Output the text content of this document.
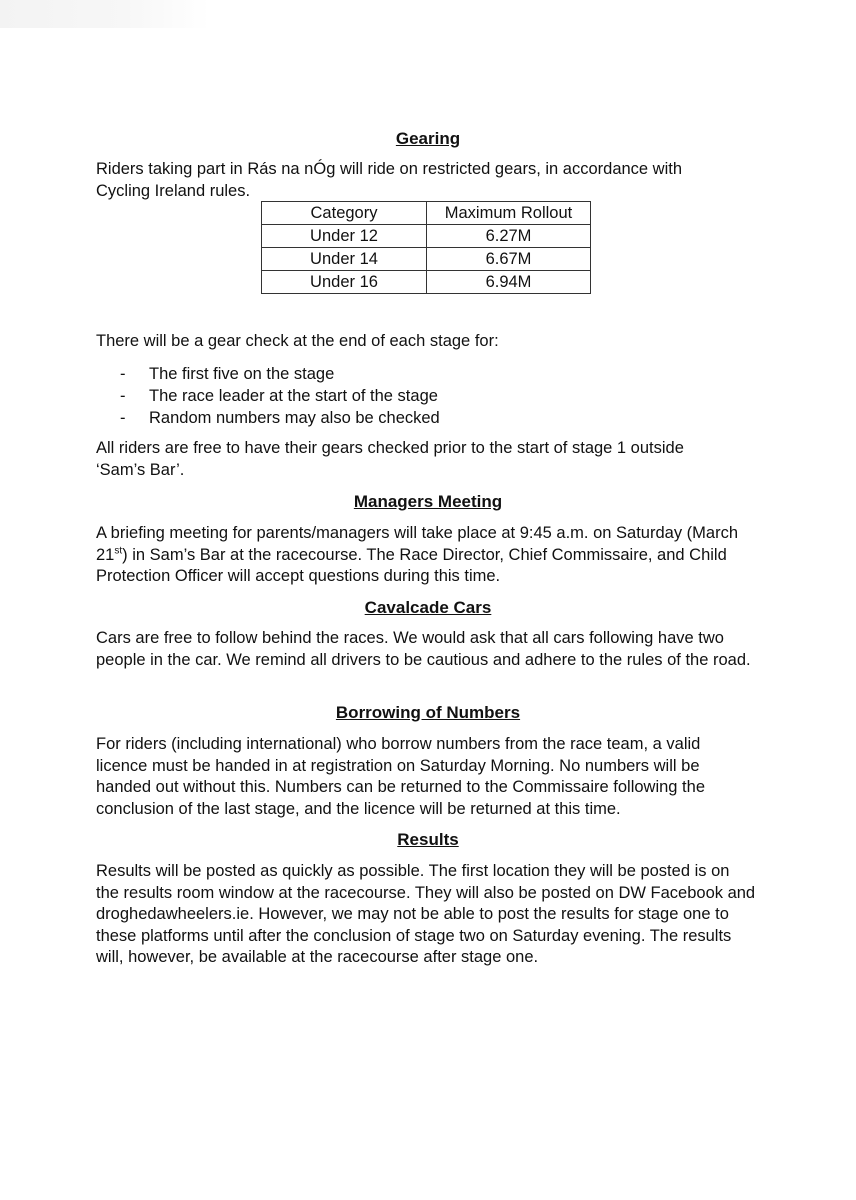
Gearing

Riders taking part in Rás na nÓg will ride on restricted gears, in accordance with Cycling Ireland rules.

Category	Maximum Rollout
Under 12	6.27M
Under 14	6.67M
Under 16	6.94M

There will be a gear check at the end of each stage for:

- The first five on the stage
- The race leader at the start of the stage
- Random numbers may also be checked

All riders are free to have their gears checked prior to the start of stage 1 outside ‘Sam’s Bar’.

Managers Meeting

A briefing meeting for parents/managers will take place at 9:45 a.m. on Saturday (March 21st) in Sam’s Bar at the racecourse. The Race Director, Chief Commissaire, and Child Protection Officer will accept questions during this time.

Cavalcade Cars

Cars are free to follow behind the races. We would ask that all cars following have two people in the car. We remind all drivers to be cautious and adhere to the rules of the road.

Borrowing of Numbers

For riders (including international) who borrow numbers from the race team, a valid licence must be handed in at registration on Saturday Morning. No numbers will be handed out without this. Numbers can be returned to the Commissaire following the conclusion of the last stage, and the licence will be returned at this time.

Results

Results will be posted as quickly as possible. The first location they will be posted is on the results room window at the racecourse. They will also be posted on DW Facebook and droghedawheelers.ie. However, we may not be able to post the results for stage one to these platforms until after the conclusion of stage two on Saturday evening. The results will, however, be available at the racecourse after stage one.
